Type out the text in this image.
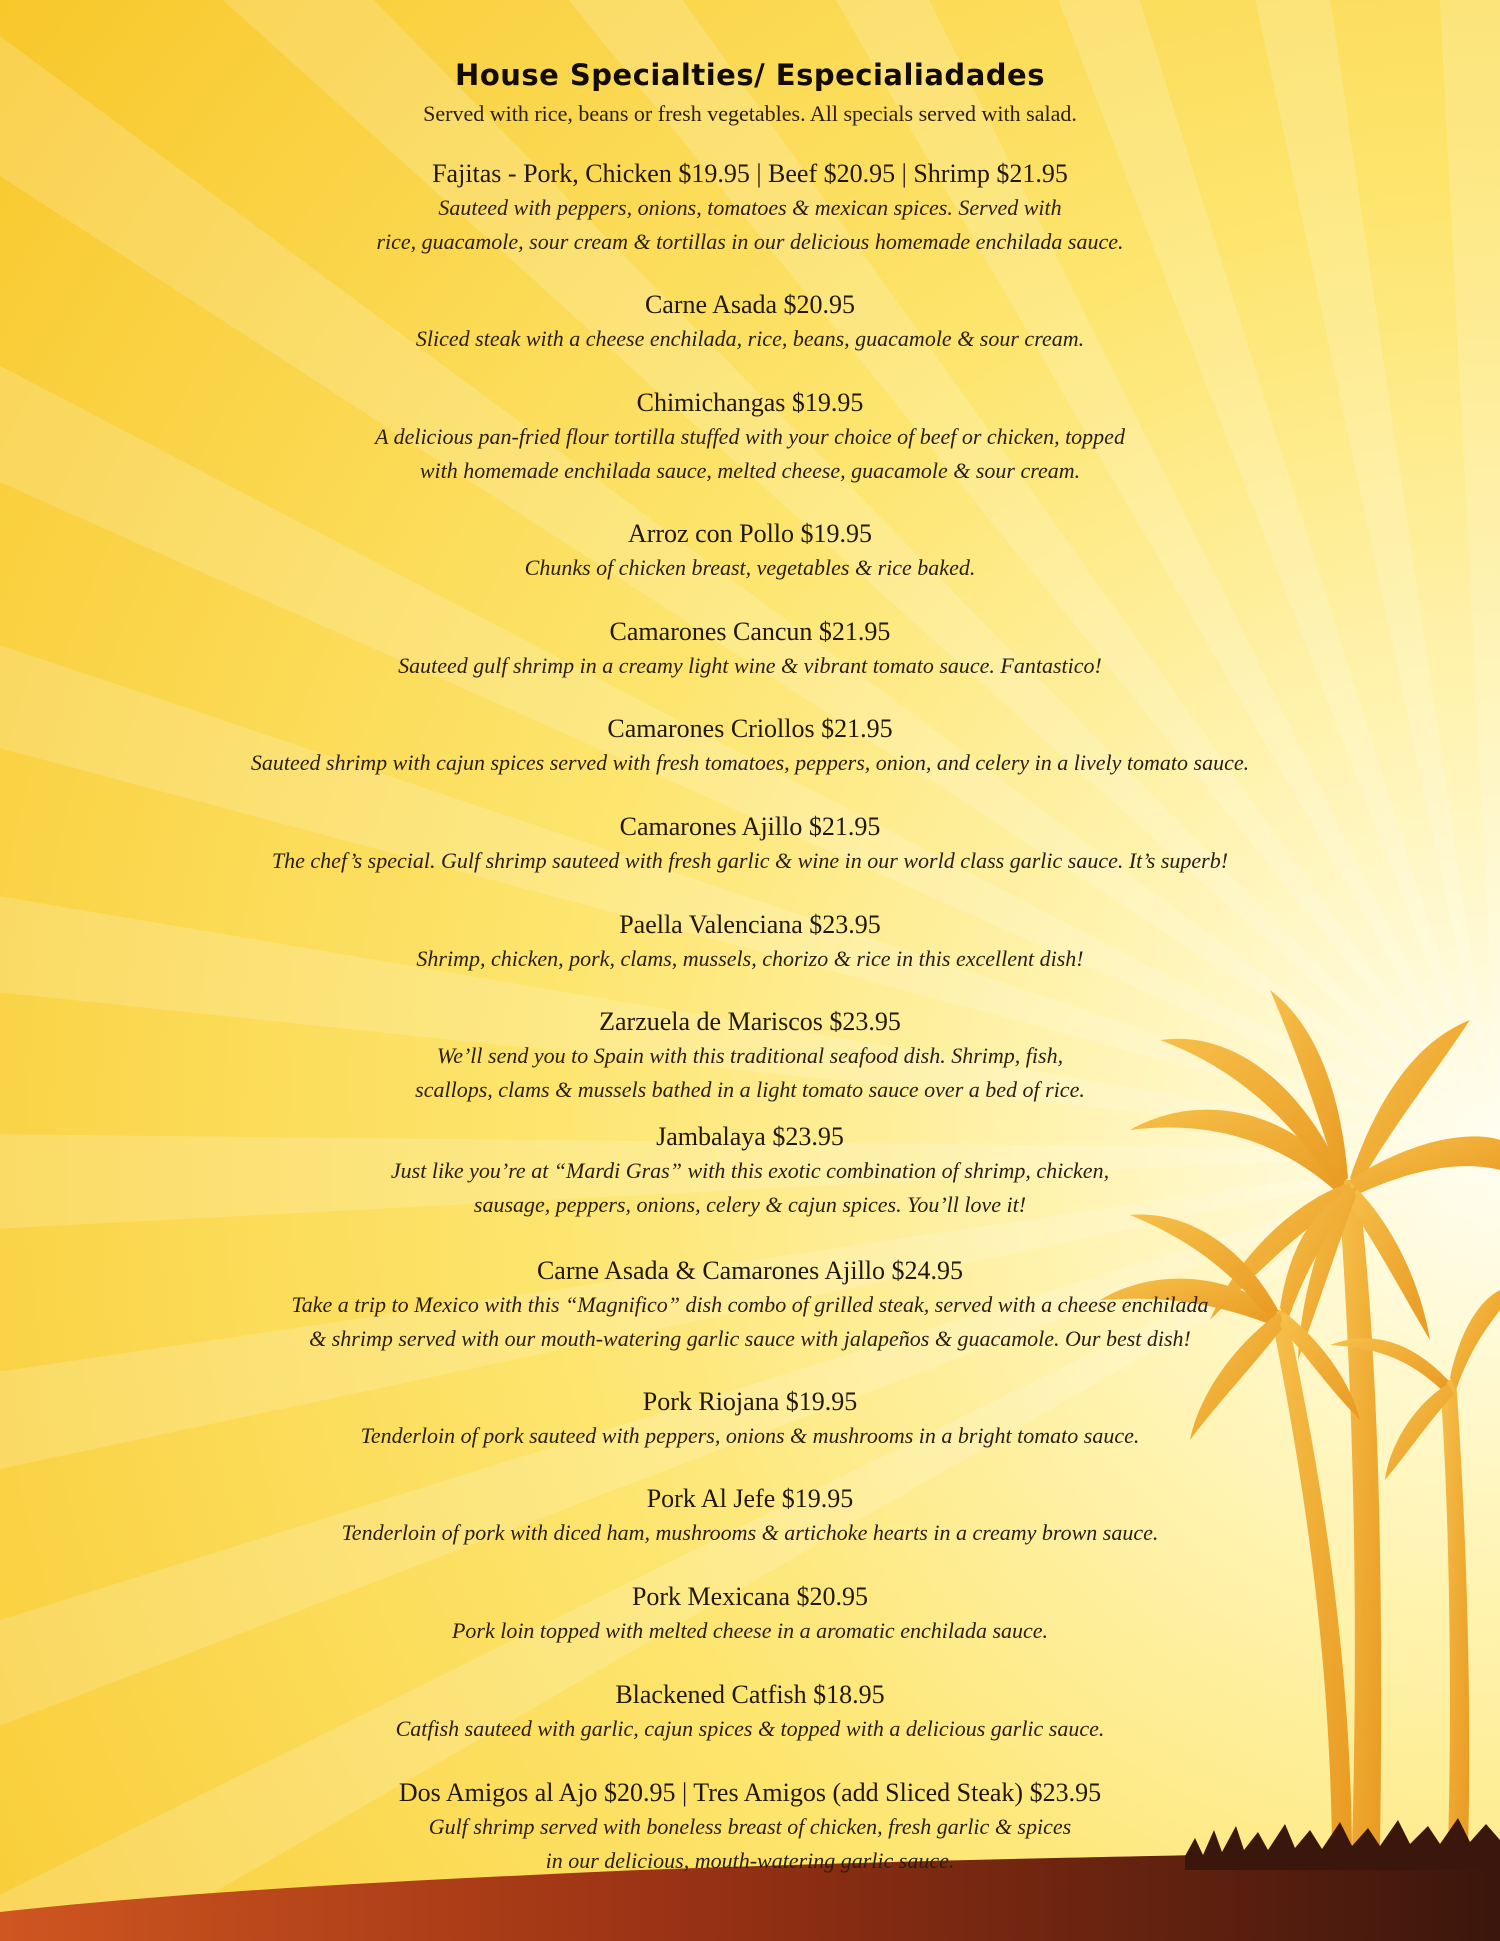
House Specialties/ Especialiadades

Served with rice, beans or fresh vegetables. All specials served with salad.

Fajitas - Pork, Chicken $19.95 | Beef $20.95 | Shrimp $21.95
Sauteed with peppers, onions, tomatoes & mexican spices. Served with
rice, guacamole, sour cream & tortillas in our delicious homemade enchilada sauce.
Carne Asada $20.95
Sliced steak with a cheese enchilada, rice, beans, guacamole & sour cream.
Chimichangas $19.95
A delicious pan-fried flour tortilla stuffed with your choice of beef or chicken, topped
with homemade enchilada sauce, melted cheese, guacamole & sour cream.
Arroz con Pollo $19.95
Chunks of chicken breast, vegetables & rice baked.
Camarones Cancun $21.95
Sauteed gulf shrimp in a creamy light wine & vibrant tomato sauce. Fantastico!
Camarones Criollos $21.95
Sauteed shrimp with cajun spices served with fresh tomatoes, peppers, onion, and celery in a lively tomato sauce.
Camarones Ajillo $21.95
The chef’s special. Gulf shrimp sauteed with fresh garlic & wine in our world class garlic sauce. It’s superb!
Paella Valenciana $23.95
Shrimp, chicken, pork, clams, mussels, chorizo & rice in this excellent dish!
Zarzuela de Mariscos $23.95
We’ll send you to Spain with this traditional seafood dish. Shrimp, fish,
scallops, clams & mussels bathed in a light tomato sauce over a bed of rice.
Jambalaya $23.95
Just like you’re at “Mardi Gras” with this exotic combination of shrimp, chicken,
sausage, peppers, onions, celery & cajun spices. You’ll love it!
Carne Asada & Camarones Ajillo $24.95
Take a trip to Mexico with this “Magnifico” dish combo of grilled steak, served with a cheese enchilada
& shrimp served with our mouth-watering garlic sauce with jalapeños & guacamole. Our best dish!
Pork Riojana $19.95
Tenderloin of pork sauteed with peppers, onions & mushrooms in a bright tomato sauce.
Pork Al Jefe $19.95
Tenderloin of pork with diced ham, mushrooms & artichoke hearts in a creamy brown sauce.
Pork Mexicana $20.95
Pork loin topped with melted cheese in a aromatic enchilada sauce.
Blackened Catfish $18.95
Catfish sauteed with garlic, cajun spices & topped with a delicious garlic sauce.
Dos Amigos al Ajo $20.95 | Tres Amigos (add Sliced Steak) $23.95
Gulf shrimp served with boneless breast of chicken, fresh garlic & spices
in our delicious, mouth-watering garlic sauce.
